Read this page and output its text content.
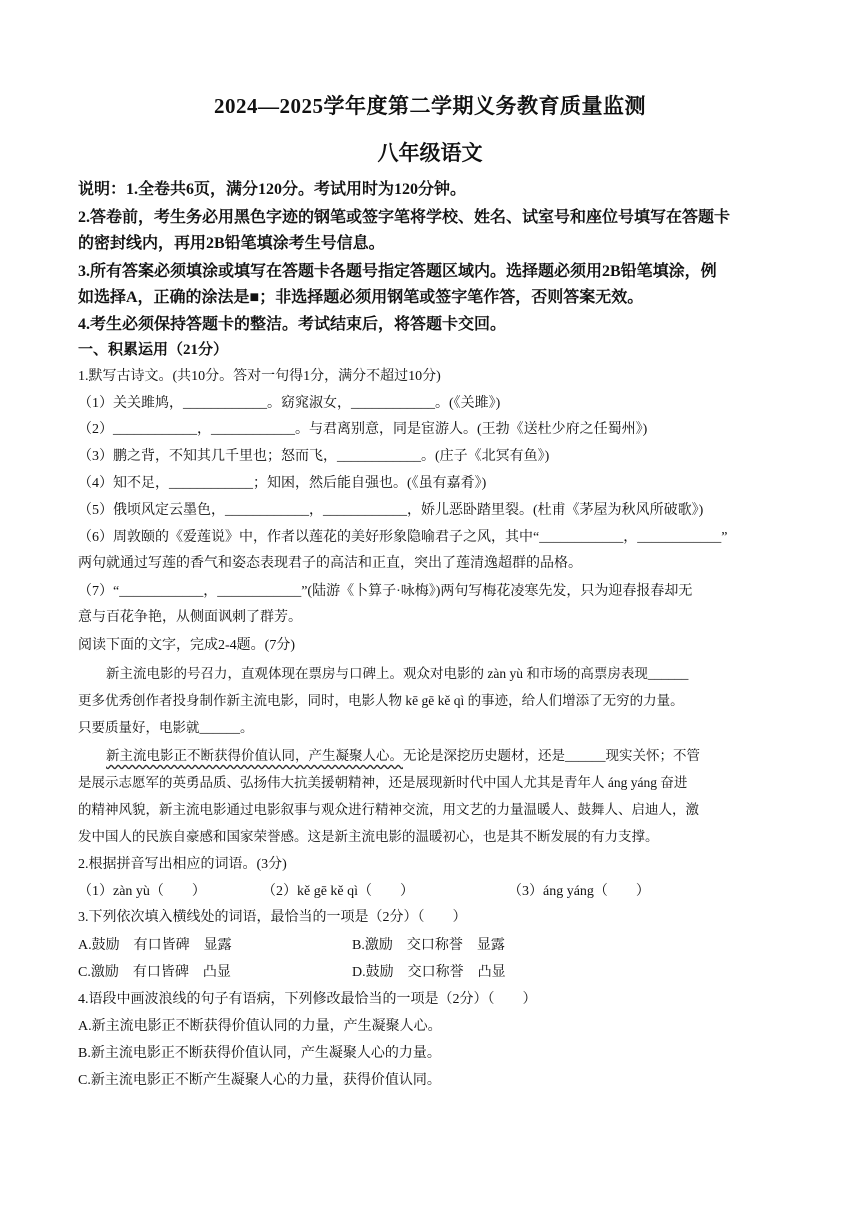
2024—2025学年度第二学期义务教育质量监测
八年级语文
说明：1.全卷共6页，满分120分。考试用时为120分钟。
2.答卷前，考生务必用黑色字迹的钢笔或签字笔将学校、姓名、试室号和座位号填写在答题卡
的密封线内，再用2B铅笔填涂考生号信息。
3.所有答案必须填涂或填写在答题卡各题号指定答题区域内。选择题必须用2B铅笔填涂，例
如选择A，正确的涂法是■；非选择题必须用钢笔或签字笔作答，否则答案无效。
4.考生必须保持答题卡的整洁。考试结束后，将答题卡交回。
一、积累运用（21分）
1.默写古诗文。(共10分。答对一句得1分，满分不超过10分)
（1）关关雎鸠，____________。窈窕淑女，____________。(《关雎》)
（2）____________，____________。与君离别意，同是宦游人。(王勃《送杜少府之任蜀州》)
（3）鹏之背，不知其几千里也；怒而飞，____________。(庄子《北冥有鱼》)
（4）知不足，____________；知困，然后能自强也。(《虽有嘉肴》)
（5）俄顷风定云墨色，____________，____________，娇儿恶卧踏里裂。(杜甫《茅屋为秋风所破歌》)
（6）周敦颐的《爱莲说》中，作者以莲花的美好形象隐喻君子之风，其中“____________，____________”
两句就通过写莲的香气和姿态表现君子的高洁和正直，突出了莲清逸超群的品格。
（7）“____________，____________”(陆游《卜算子·咏梅》)两句写梅花凌寒先发，只为迎春报春却无
意与百花争艳，从侧面讽刺了群芳。
阅读下面的文字，完成2-4题。(7分)
新主流电影的号召力，直观体现在票房与口碑上。观众对电影的 zàn yù 和市场的高票房表现______
更多优秀创作者投身制作新主流电影，同时，电影人物 kē gē kě qì 的事迹，给人们增添了无穷的力量。
只要质量好，电影就______。
新主流电影正不断获得价值认同，产生凝聚人心。无论是深挖历史题材，还是______现实关怀；不管
是展示志愿军的英勇品质、弘扬伟大抗美援朝精神，还是展现新时代中国人尤其是青年人 áng yáng 奋进
的精神风貌，新主流电影通过电影叙事与观众进行精神交流，用文艺的力量温暖人、鼓舞人、启迪人，激
发中国人的民族自豪感和国家荣誉感。这是新主流电影的温暖初心，也是其不断发展的有力支撑。
2.根据拼音写出相应的词语。(3分)
（1）zàn yù（　　）	（2）kě gē kě qì（　　）	（3）áng yáng（　　）
3.下列依次填入横线处的词语，最恰当的一项是（2分）（　　）
A.鼓励　有口皆碑　显露	B.激励　交口称誉　显露
C.激励　有口皆碑　凸显	D.鼓励　交口称誉　凸显
4.语段中画波浪线的句子有语病，下列修改最恰当的一项是（2分）（　　）
A.新主流电影正不断获得价值认同的力量，产生凝聚人心。
B.新主流电影正不断获得价值认同，产生凝聚人心的力量。
C.新主流电影正不断产生凝聚人心的力量，获得价值认同。
